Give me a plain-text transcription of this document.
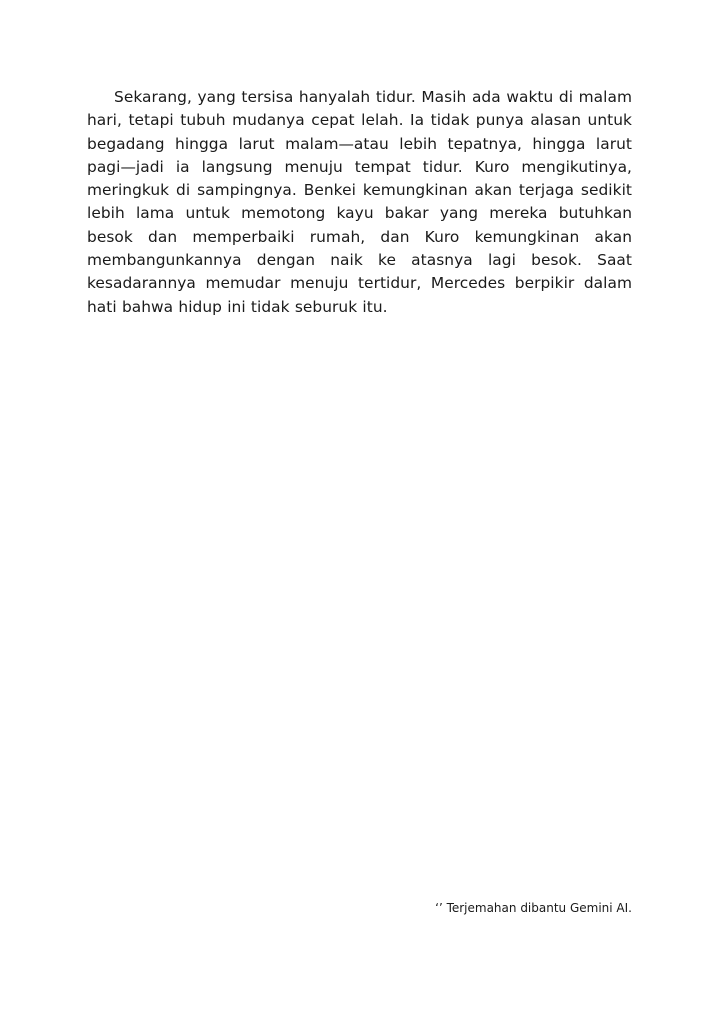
Sekarang, yang tersisa hanyalah tidur. Masih ada waktu di malam hari, tetapi tubuh mudanya cepat lelah. Ia tidak punya alasan untuk begadang hingga larut malam—atau lebih tepatnya, hingga larut pagi—jadi ia langsung menuju tempat tidur. Kuro mengikutinya, meringkuk di sampingnya. Benkei kemungkinan akan terjaga sedikit lebih lama untuk memotong kayu bakar yang mereka butuhkan besok dan memperbaiki rumah, dan Kuro kemungkinan akan membangunkannya dengan naik ke atasnya lagi besok. Saat kesadarannya memudar menuju tertidur, Mercedes berpikir dalam hati bahwa hidup ini tidak seburuk itu.

‘’ Terjemahan dibantu Gemini AI.
